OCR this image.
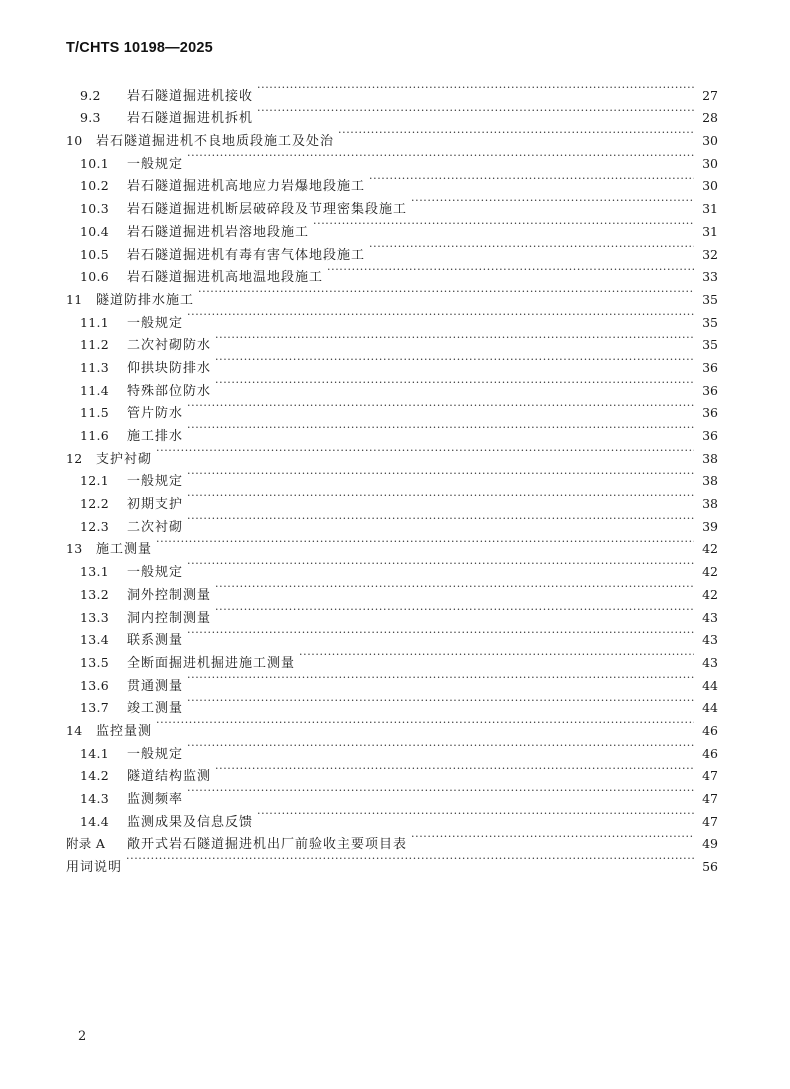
T/CHTS 10198—2025
9.2	岩石隧道掘进机接收 ·····	27
9.3	岩石隧道掘进机拆机 ·····	28
10	岩石隧道掘进机不良地质段施工及处治 ·····	30
10.1	一般规定 ·····	30
10.2	岩石隧道掘进机高地应力岩爆地段施工 ·····	30
10.3	岩石隧道掘进机断层破碎段及节理密集段施工 ·····	31
10.4	岩石隧道掘进机岩溶地段施工 ·····	31
10.5	岩石隧道掘进机有毒有害气体地段施工 ·····	32
10.6	岩石隧道掘进机高地温地段施工 ·····	33
11	隧道防排水施工 ·····	35
11.1	一般规定 ·····	35
11.2	二次衬砌防水 ·····	35
11.3	仰拱块防排水 ·····	36
11.4	特殊部位防水 ·····	36
11.5	管片防水 ·····	36
11.6	施工排水 ·····	36
12	支护衬砌 ·····	38
12.1	一般规定 ·····	38
12.2	初期支护 ·····	38
12.3	二次衬砌 ·····	39
13	施工测量 ·····	42
13.1	一般规定 ·····	42
13.2	洞外控制测量 ·····	42
13.3	洞内控制测量 ·····	43
13.4	联系测量 ·····	43
13.5	全断面掘进机掘进施工测量 ·····	43
13.6	贯通测量 ·····	44
13.7	竣工测量 ·····	44
14	监控量测 ·····	46
14.1	一般规定 ·····	46
14.2	隧道结构监测 ·····	47
14.3	监测频率 ·····	47
14.4	监测成果及信息反馈 ·····	47
附录 A	敞开式岩石隧道掘进机出厂前验收主要项目表 ·····	49
用词说明 ·····	56
2
